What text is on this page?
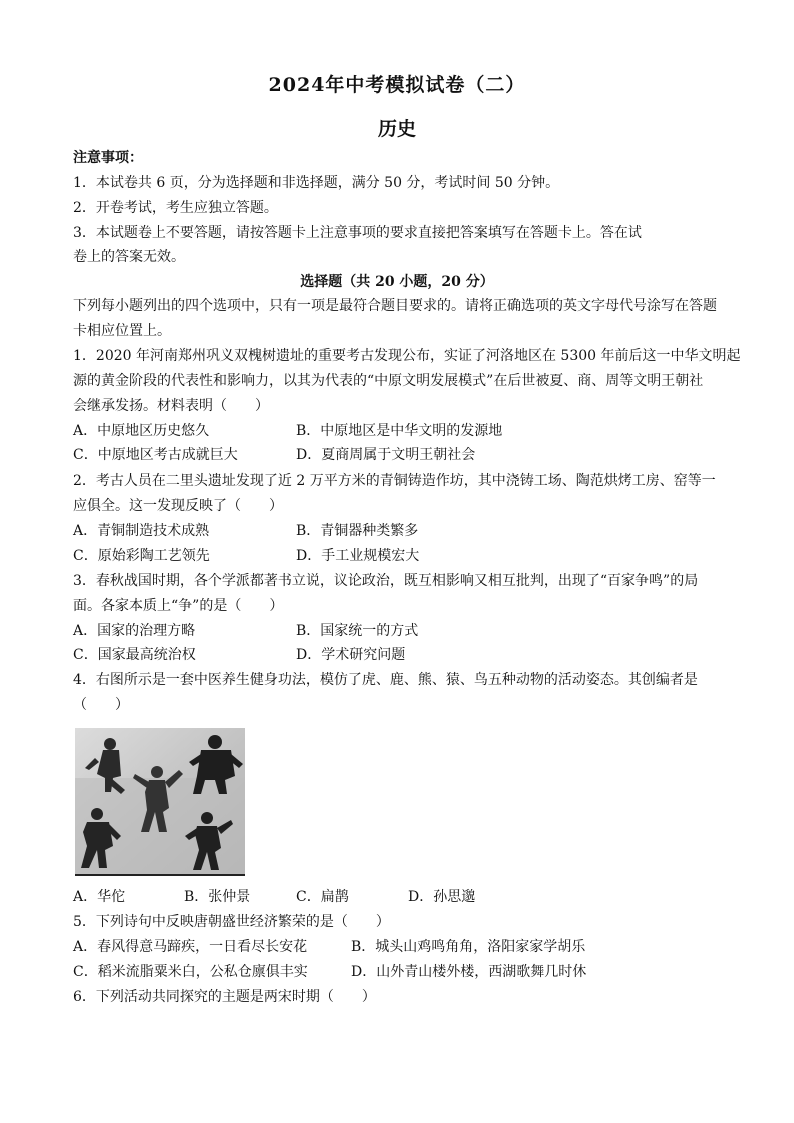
2024年中考模拟试卷（二）
历史
注意事项：
1．本试卷共 6 页，分为选择题和非选择题，满分 50 分，考试时间 50 分钟。
2．开卷考试，考生应独立答题。
3．本试题卷上不要答题，请按答题卡上注意事项的要求直接把答案填写在答题卡上。答在试
卷上的答案无效。
选择题（共 20 小题，20 分）
下列每小题列出的四个选项中，只有一项是最符合题目要求的。请将正确选项的英文字母代号涂写在答题
卡相应位置上。
1．2020 年河南郑州巩义双槐树遗址的重要考古发现公布，实证了河洛地区在 5300 年前后这一中华文明起
源的黄金阶段的代表性和影响力，以其为代表的“中原文明发展模式”在后世被夏、商、周等文明王朝社
会继承发扬。材料表明（　　）
A．中原地区历史悠久	B．中原地区是中华文明的发源地
C．中原地区考古成就巨大	D．夏商周属于文明王朝社会
2．考古人员在二里头遗址发现了近 2 万平方米的青铜铸造作坊，其中浇铸工场、陶范烘烤工房、窑等一
应俱全。这一发现反映了（　　）
A．青铜制造技术成熟	B．青铜器种类繁多
C．原始彩陶工艺领先	D．手工业规模宏大
3．春秋战国时期，各个学派都著书立说，议论政治，既互相影响又相互批判，出现了“百家争鸣”的局
面。各家本质上“争”的是（　　）
A．国家的治理方略	B．国家统一的方式
C．国家最高统治权	D．学术研究问题
4．右图所示是一套中医养生健身功法，模仿了虎、鹿、熊、猿、鸟五种动物的活动姿态。其创编者是
（　　）
A．华佗	B．张仲景	C．扁鹊	D．孙思邈
5．下列诗句中反映唐朝盛世经济繁荣的是（　　）
A．春风得意马蹄疾，一日看尽长安花	B．城头山鸡鸣角角，洛阳家家学胡乐
C．稻米流脂粟米白，公私仓廪俱丰实	D．山外青山楼外楼，西湖歌舞几时休
6．下列活动共同探究的主题是两宋时期（　　）
